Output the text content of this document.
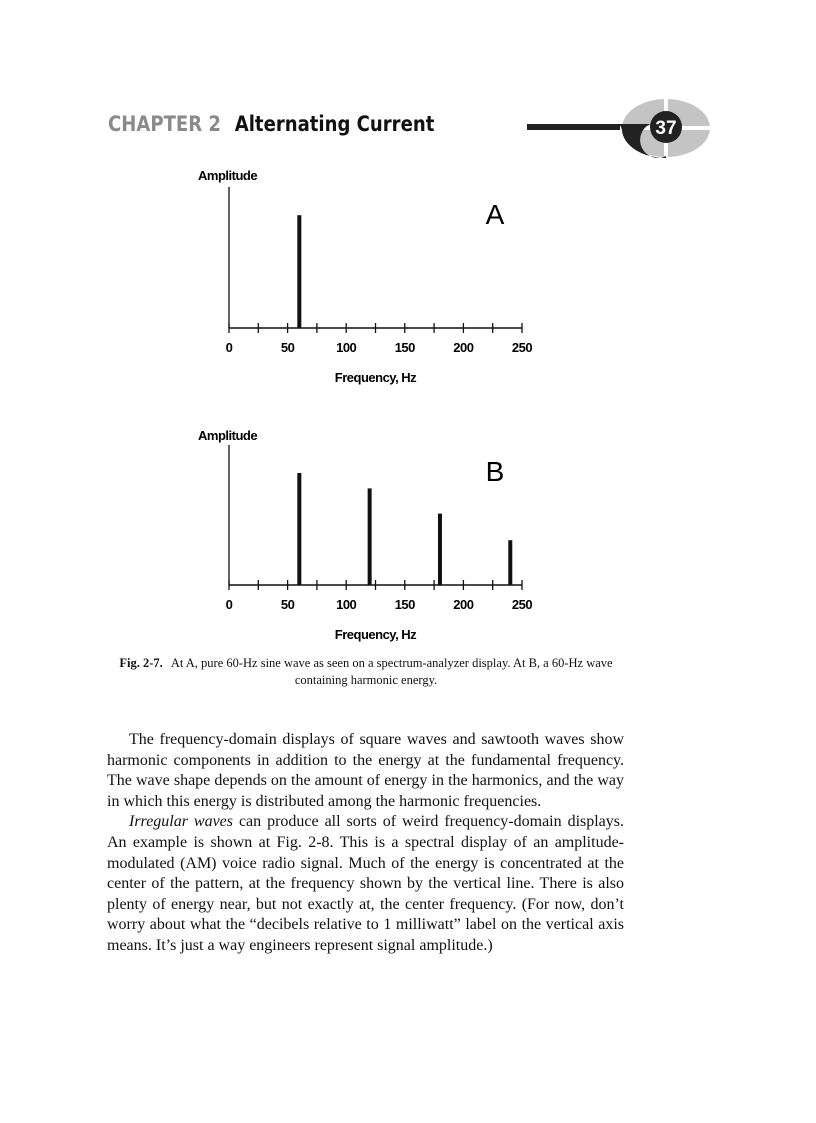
CHAPTER 2 Alternating Current	37
Amplitude
0	50	100	150	200	250
Frequency, Hz
A
Amplitude
0	50	100	150	200	250
Frequency, Hz
B
Fig. 2-7. At A, pure 60-Hz sine wave as seen on a spectrum-analyzer display. At B, a 60-Hz wave containing harmonic energy.

The frequency-domain displays of square waves and sawtooth waves show harmonic components in addition to the energy at the fundamental frequency. The wave shape depends on the amount of energy in the harmonics, and the way in which this energy is distributed among the harmonic frequencies.

Irregular waves can produce all sorts of weird frequency-domain displays. An example is shown at Fig. 2-8. This is a spectral display of an amplitude-modulated (AM) voice radio signal. Much of the energy is concentrated at the center of the pattern, at the frequency shown by the vertical line. There is also plenty of energy near, but not exactly at, the center frequency. (For now, don’t worry about what the “decibels relative to 1 milliwatt” label on the vertical axis means. It’s just a way engineers represent signal amplitude.)
